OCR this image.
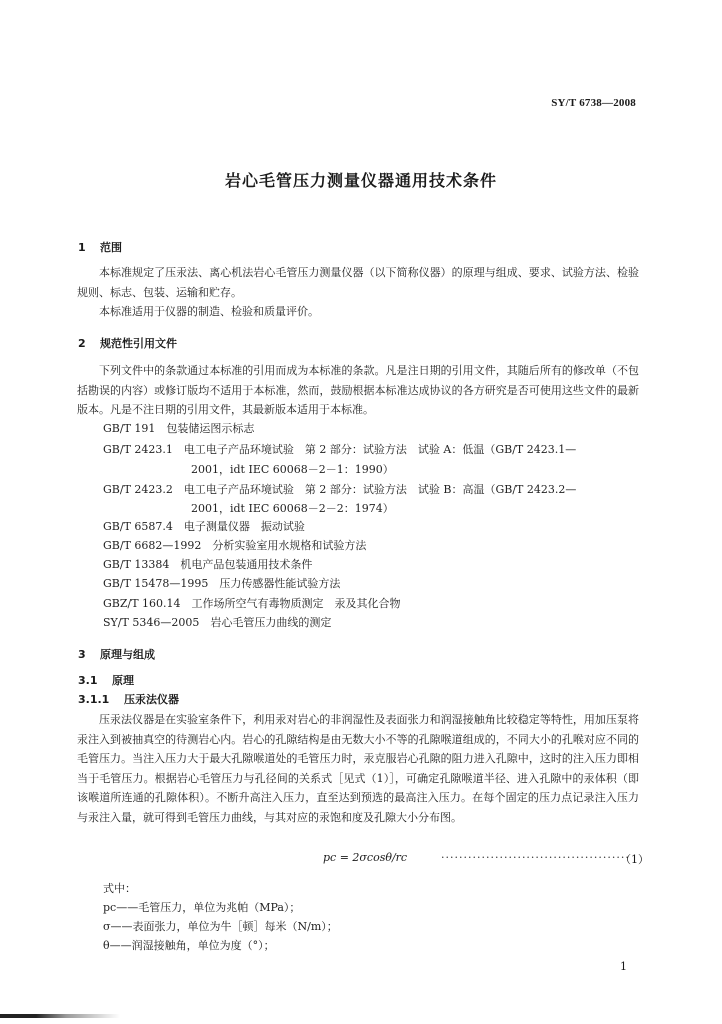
SY/T 6738—2008
岩心毛管压力测量仪器通用技术条件
1 范围
本标准规定了压汞法、离心机法岩心毛管压力测量仪器（以下简称仪器）的原理与组成、要求、试验方法、检验规则、标志、包装、运输和贮存。
本标准适用于仪器的制造、检验和质量评价。
2 规范性引用文件
下列文件中的条款通过本标准的引用而成为本标准的条款。凡是注日期的引用文件，其随后所有的修改单（不包括勘误的内容）或修订版均不适用于本标准，然而，鼓励根据本标准达成协议的各方研究是否可使用这些文件的最新版本。凡是不注日期的引用文件，其最新版本适用于本标准。
GB/T 191　包装储运图示标志
GB/T 2423.1　电工电子产品环境试验　第 2 部分：试验方法　试验 A：低温（GB/T 2423.1—
2001，idt IEC 60068－2－1：1990）
GB/T 2423.2　电工电子产品环境试验　第 2 部分：试验方法　试验 B：高温（GB/T 2423.2—
2001，idt IEC 60068－2－2：1974）
GB/T 6587.4　电子测量仪器　振动试验
GB/T 6682—1992　分析实验室用水规格和试验方法
GB/T 13384　机电产品包装通用技术条件
GB/T 15478—1995　压力传感器性能试验方法
GBZ/T 160.14　工作场所空气有毒物质测定　汞及其化合物
SY/T 5346—2005　岩心毛管压力曲线的测定
3 原理与组成
3.1 原理
3.1.1 压汞法仪器
压汞法仪器是在实验室条件下，利用汞对岩心的非润湿性及表面张力和润湿接触角比较稳定等特性，用加压泵将汞注入到被抽真空的待测岩心内。岩心的孔隙结构是由无数大小不等的孔隙喉道组成的，不同大小的孔喉对应不同的毛管压力。当注入压力大于最大孔隙喉道处的毛管压力时，汞克服岩心孔隙的阻力进入孔隙中，这时的注入压力即相当于毛管压力。根据岩心毛管压力与孔径间的关系式［见式（1）］，可确定孔隙喉道半径、进入孔隙中的汞体积（即该喉道所连通的孔隙体积）。不断升高注入压力，直至达到预选的最高注入压力。在每个固定的压力点记录注入压力与汞注入量，就可得到毛管压力曲线，与其对应的汞饱和度及孔隙大小分布图。
pc = 2σcosθ/rc	··········································
（1）
式中：
pc——毛管压力，单位为兆帕（MPa）；
σ——表面张力，单位为牛［顿］每米（N/m）；
θ——润湿接触角，单位为度（°）；
1
